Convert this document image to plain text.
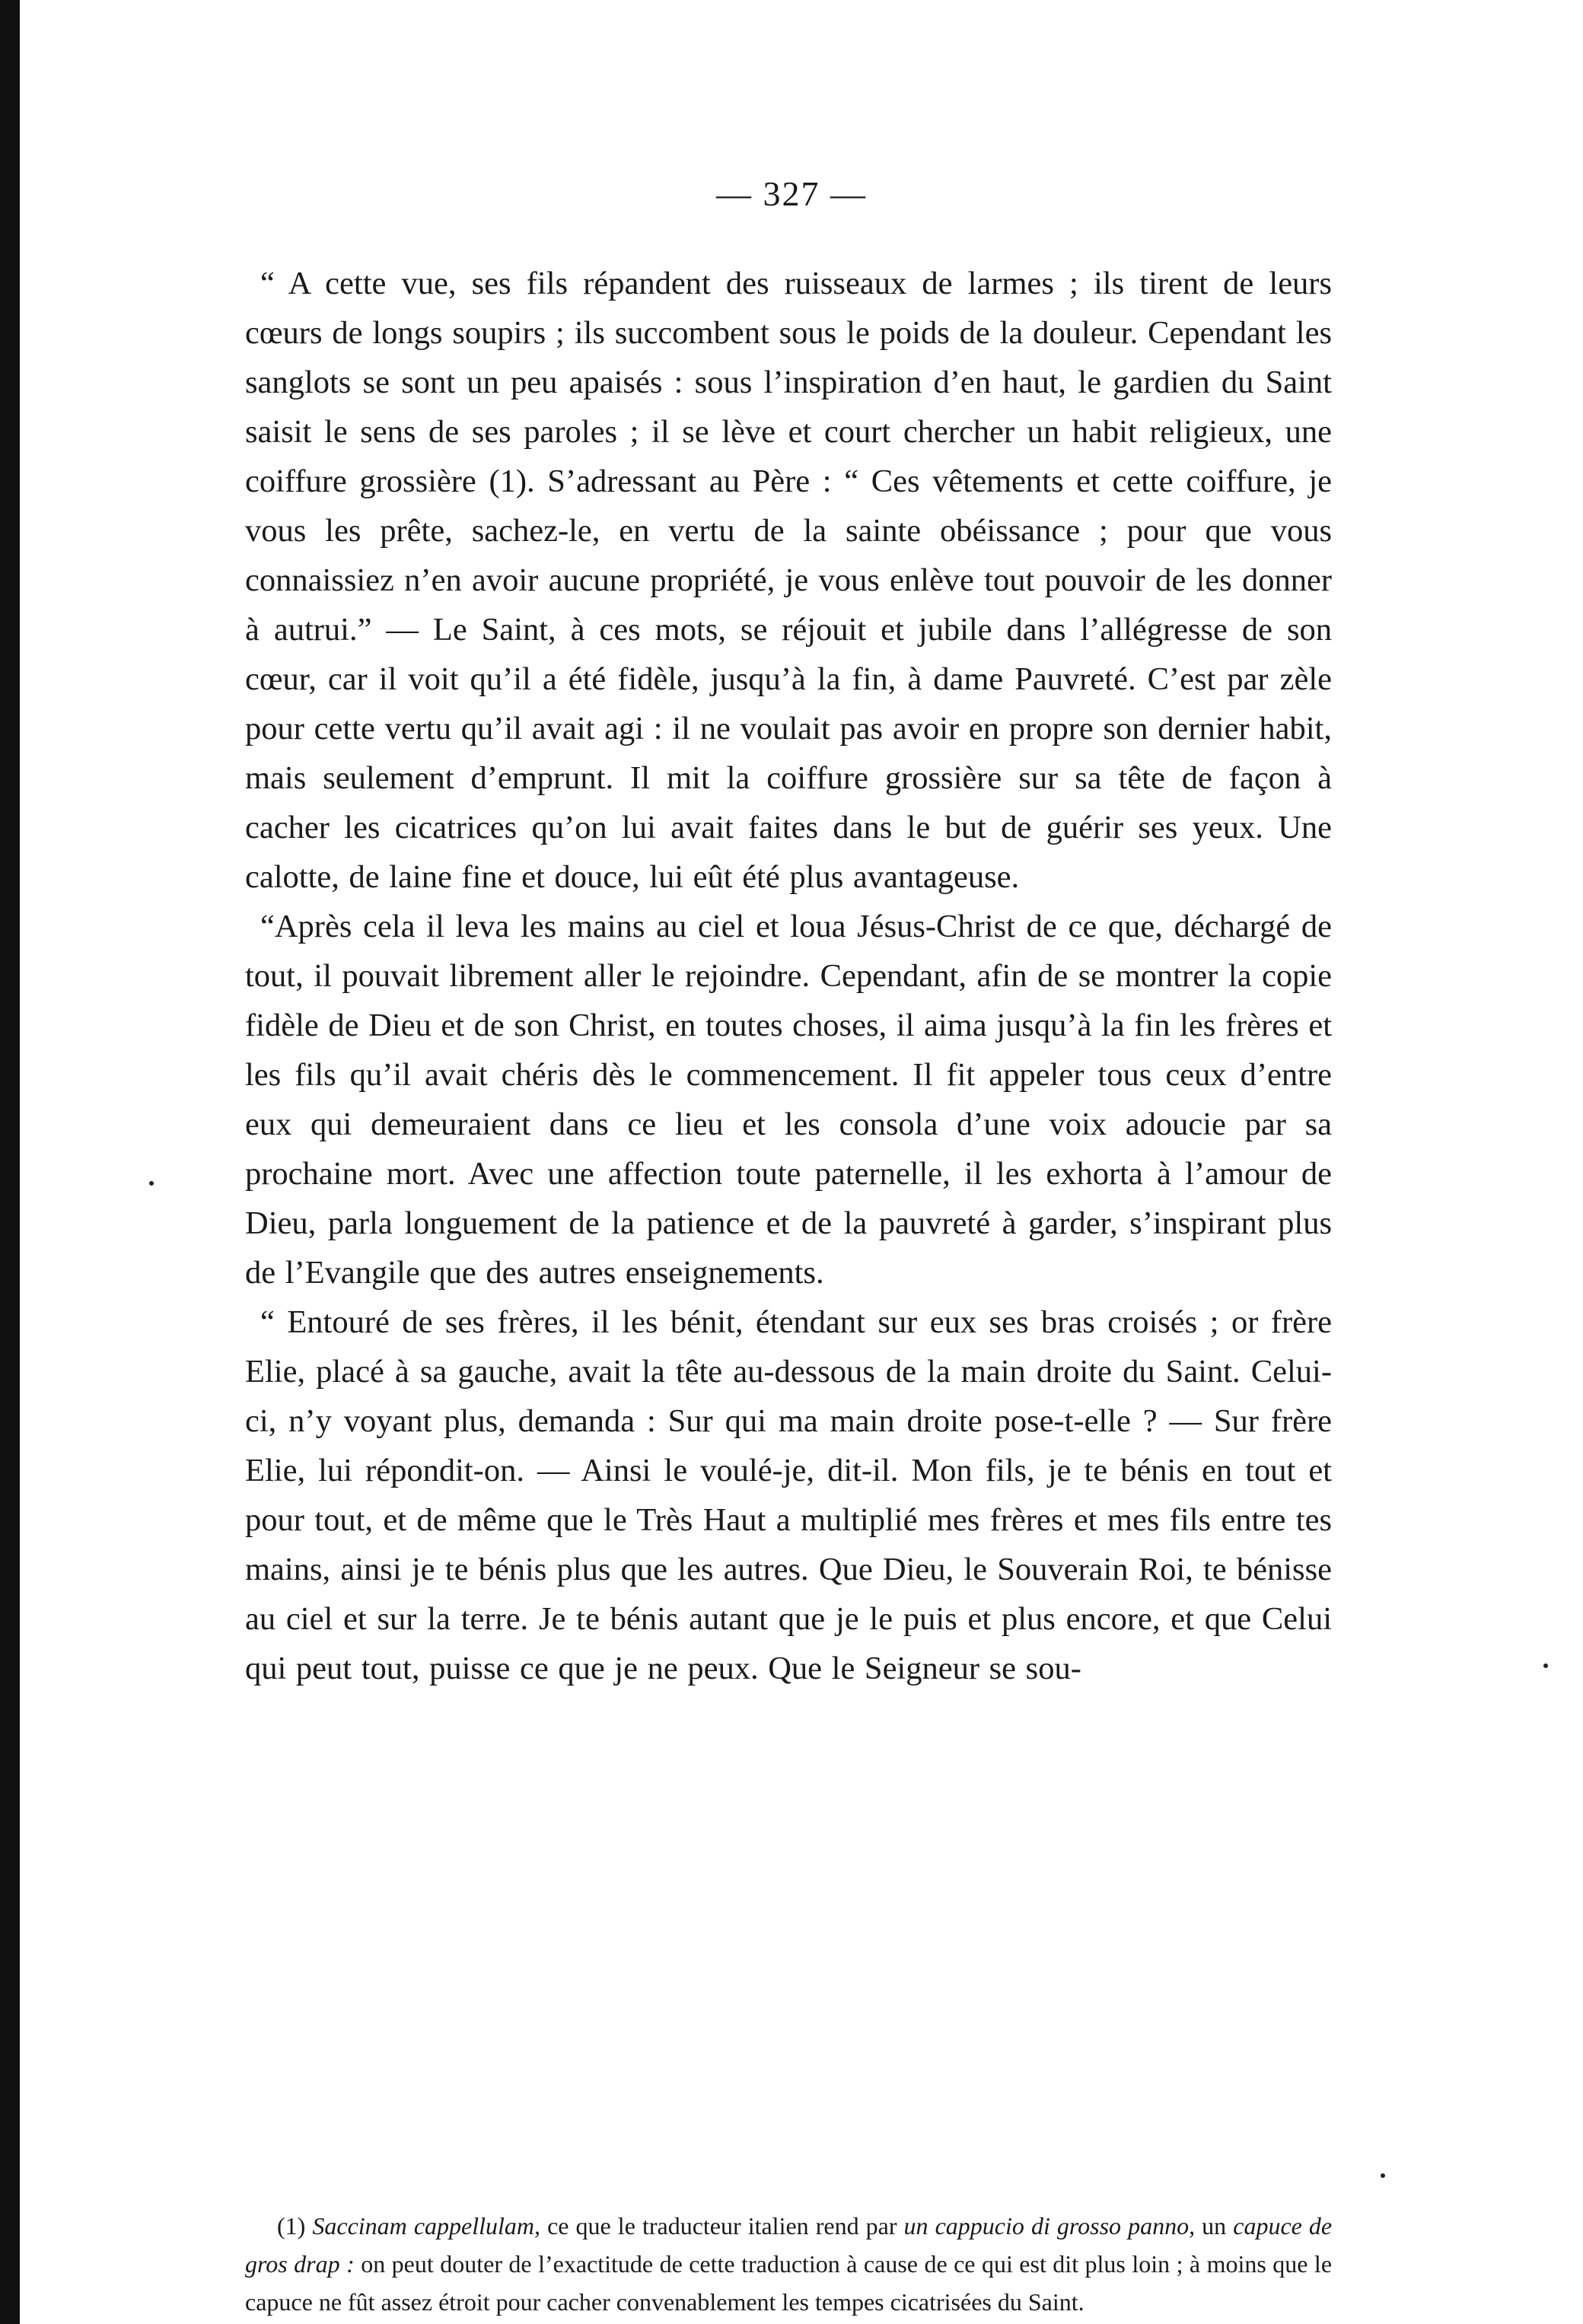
— 327 —

“ A cette vue, ses fils répandent des ruisseaux de larmes ; ils tirent de leurs cœurs de longs soupirs ; ils succombent sous le poids de la douleur. Cependant les sanglots se sont un peu apaisés : sous l’inspiration d’en haut, le gardien du Saint saisit le sens de ses paroles ; il se lève et court chercher un habit religieux, une coiffure grossière (1). S’adressant au Père : “ Ces vêtements et cette coiffure, je vous les prête, sachez-le, en vertu de la sainte obéissance ; pour que vous connaissiez n’en avoir aucune propriété, je vous enlève tout pouvoir de les donner à autrui.” — Le Saint, à ces mots, se réjouit et jubile dans l’allégresse de son cœur, car il voit qu’il a été fidèle, jusqu’à la fin, à dame Pauvreté. C’est par zèle pour cette vertu qu’il avait agi : il ne voulait pas avoir en propre son dernier habit, mais seulement d’emprunt. Il mit la coiffure grossière sur sa tête de façon à cacher les cicatrices qu’on lui avait faites dans le but de guérir ses yeux. Une calotte, de laine fine et douce, lui eût été plus avantageuse.

“Après cela il leva les mains au ciel et loua Jésus-Christ de ce que, déchargé de tout, il pouvait librement aller le rejoindre. Cependant, afin de se montrer la copie fidèle de Dieu et de son Christ, en toutes choses, il aima jusqu’à la fin les frères et les fils qu’il avait chéris dès le commencement. Il fit appeler tous ceux d’entre eux qui demeuraient dans ce lieu et les consola d’une voix adoucie par sa prochaine mort. Avec une affection toute paternelle, il les exhorta à l’amour de Dieu, parla longuement de la patience et de la pauvreté à garder, s’inspirant plus de l’Evangile que des autres enseignements.

“ Entouré de ses frères, il les bénit, étendant sur eux ses bras croisés ; or frère Elie, placé à sa gauche, avait la tête au-dessous de la main droite du Saint. Celui-ci, n’y voyant plus, demanda : Sur qui ma main droite pose-t-elle ? — Sur frère Elie, lui répondit-on. — Ainsi le voulé-je, dit-il. Mon fils, je te bénis en tout et pour tout, et de même que le Très Haut a multiplié mes frères et mes fils entre tes mains, ainsi je te bénis plus que les autres. Que Dieu, le Souverain Roi, te bénisse au ciel et sur la terre. Je te bénis autant que je le puis et plus encore, et que Celui qui peut tout, puisse ce que je ne peux. Que le Seigneur se sou-

(1) Saccinam cappellulam, ce que le traducteur italien rend par un cappucio di grosso panno, un capuce de gros drap : on peut douter de l’exactitude de cette traduction à cause de ce qui est dit plus loin ; à moins que le capuce ne fût assez étroit pour cacher convenablement les tempes cicatrisées du Saint.
